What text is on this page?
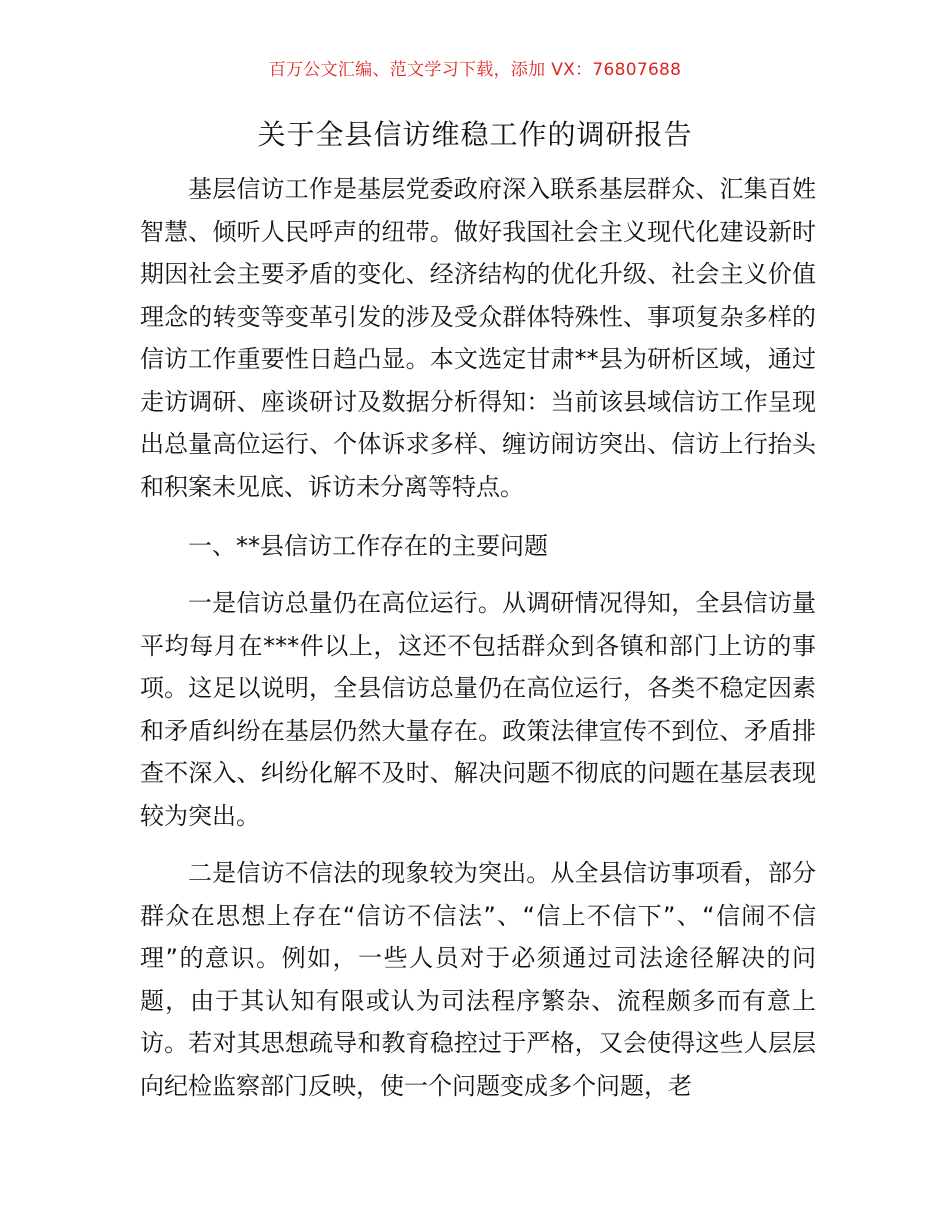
百万公文汇编、范文学习下载，添加 VX：76807688
关于全县信访维稳工作的调研报告

基层信访工作是基层党委政府深入联系基层群众、汇集百姓智慧、倾听人民呼声的纽带。做好我国社会主义现代化建设新时期因社会主要矛盾的变化、经济结构的优化升级、社会主义价值理念的转变等变革引发的涉及受众群体特殊性、事项复杂多样的信访工作重要性日趋凸显。本文选定甘肃**县为研析区域，通过走访调研、座谈研讨及数据分析得知：当前该县域信访工作呈现出总量高位运行、个体诉求多样、缠访闹访突出、信访上行抬头和积案未见底、诉访未分离等特点。

一、**县信访工作存在的主要问题

一是信访总量仍在高位运行。从调研情况得知，全县信访量平均每月在***件以上，这还不包括群众到各镇和部门上访的事项。这足以说明，全县信访总量仍在高位运行，各类不稳定因素和矛盾纠纷在基层仍然大量存在。政策法律宣传不到位、矛盾排查不深入、纠纷化解不及时、解决问题不彻底的问题在基层表现较为突出。

二是信访不信法的现象较为突出。从全县信访事项看，部分群众在思想上存在“信访不信法”、“信上不信下”、“信闹不信理”的意识。例如，一些人员对于必须通过司法途径解决的问题，由于其认知有限或认为司法程序繁杂、流程颇多而有意上访。若对其思想疏导和教育稳控过于严格，又会使得这些人层层向纪检监察部门反映，使一个问题变成多个问题，老
